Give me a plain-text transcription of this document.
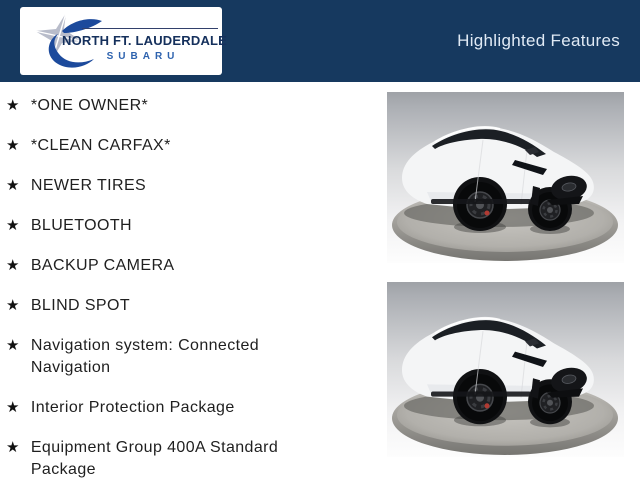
NORTH FT. LAUDERDALE
SUBARU
Highlighted Features
★ *ONE OWNER*
★ *CLEAN CARFAX*
★ NEWER TIRES
★ BLUETOOTH
★ BACKUP CAMERA
★ BLIND SPOT
★ Navigation system: Connected Navigation
★ Interior Protection Package
★ Equipment Group 400A Standard Package
